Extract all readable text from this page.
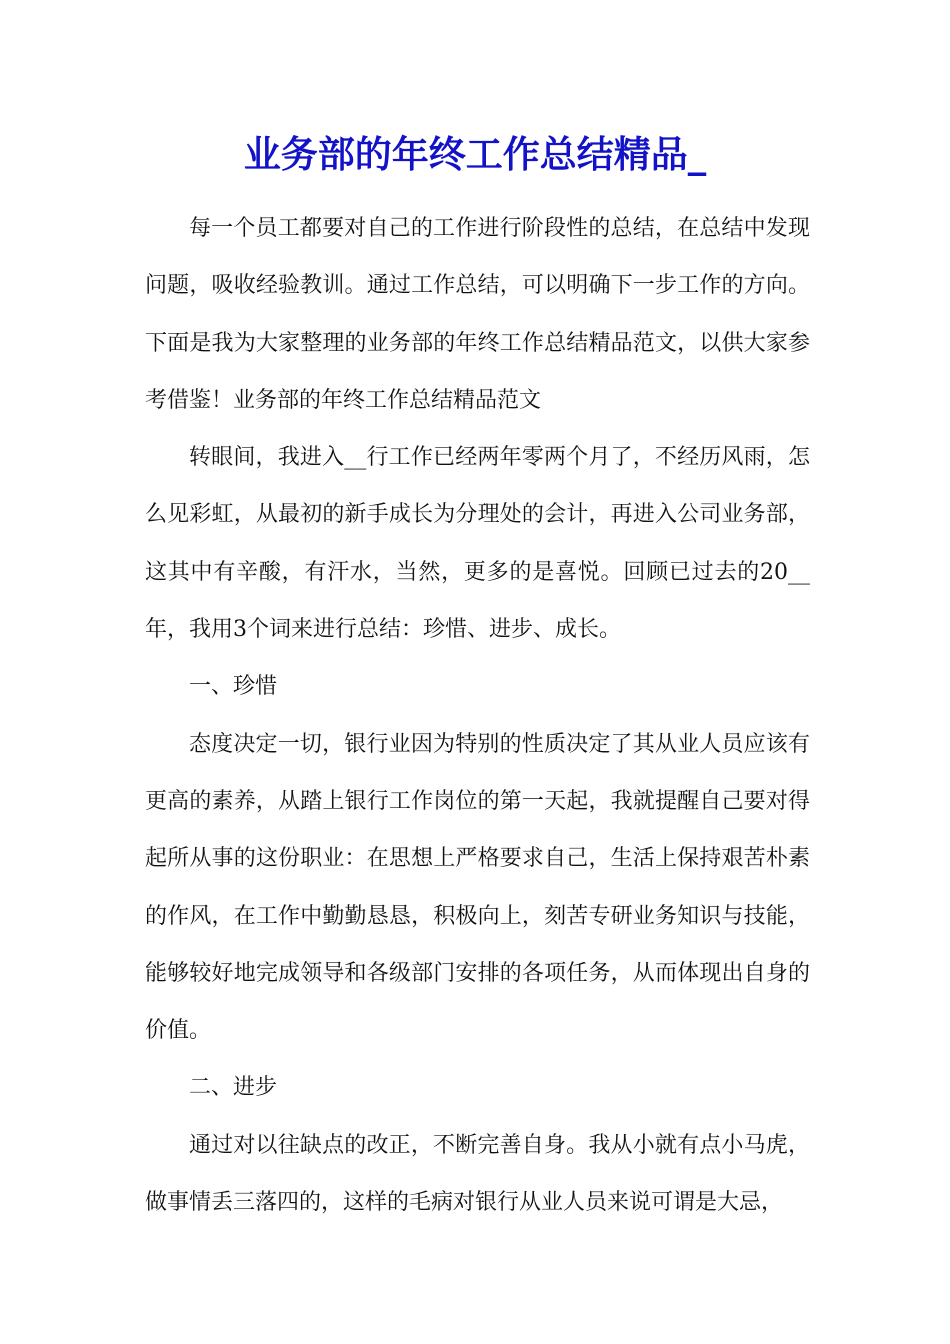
业务部的年终工作总结精品_

每一个员工都要对自己的工作进行阶段性的总结，在总结中发现问题，吸收经验教训。通过工作总结，可以明确下一步工作的方向。下面是我为大家整理的业务部的年终工作总结精品范文，以供大家参考借鉴！业务部的年终工作总结精品范文

转眼间，我进入__行工作已经两年零两个月了，不经历风雨，怎么见彩虹，从最初的新手成长为分理处的会计，再进入公司业务部，这其中有辛酸，有汗水，当然，更多的是喜悦。回顾已过去的20__年，我用3个词来进行总结：珍惜、进步、成长。

一、珍惜

态度决定一切，银行业因为特别的性质决定了其从业人员应该有更高的素养，从踏上银行工作岗位的第一天起，我就提醒自己要对得起所从事的这份职业：在思想上严格要求自己，生活上保持艰苦朴素的作风，在工作中勤勤恳恳，积极向上，刻苦专研业务知识与技能，能够较好地完成领导和各级部门安排的各项任务，从而体现出自身的价值。

二、进步

通过对以往缺点的改正，不断完善自身。我从小就有点小马虎，做事情丢三落四的，这样的毛病对银行从业人员来说可谓是大忌，
